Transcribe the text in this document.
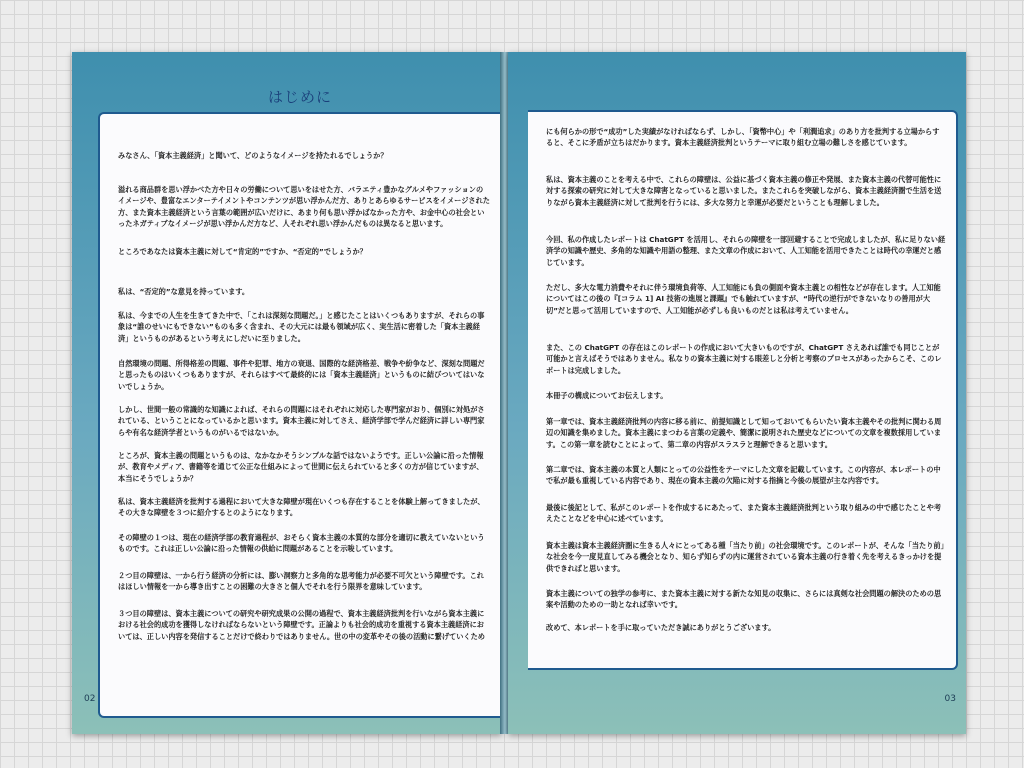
はじめに

みなさん、「資本主義経済」と聞いて、どのようなイメージを持たれるでしょうか？

溢れる商品群を思い浮かべた方や日々の労働について思いをはせた方、バラエティ豊かなグルメやファッションのイメージや、豊富なエンターテイメントやコンテンツが思い浮かんだ方、ありとあらゆるサービスをイメージされた方、また資本主義経済という言葉の範囲が広いだけに、あまり何も思い浮かばなかった方や、お金中心の社会といったネガティブなイメージが思い浮かんだ方など、人それぞれ思い浮かんだものは異なると思います。

ところであなたは資本主義に対して“肯定的”ですか、“否定的”でしょうか？

私は、“否定的”な意見を持っています。

私は、今までの人生を生きてきた中で、「これは深刻な問題だ。」と感じたことはいくつもありますが、それらの事象は“誰のせいにもできない”ものも多く含まれ、その大元には最も領域が広く、実生活に密着した「資本主義経済」というものがあるという考えにしだいに至りました。

自然環境の問題、所得格差の問題、事件や犯罪、地方の衰退、国際的な経済格差、戦争や紛争など、深刻な問題だと思ったものはいくつもありますが、それらはすべて最終的には「資本主義経済」というものに結びついてはいないでしょうか。

しかし、世間一般の常識的な知識によれば、それらの問題にはそれぞれに対応した専門家がおり、個別に対処がされている、ということになっているかと思います。資本主義に対してさえ、経済学部で学んだ経済に詳しい専門家らや有名な経済学者というものがいるではないか。

ところが、資本主義の問題というものは、なかなかそうシンプルな話ではないようです。正しい公論に沿った情報が、教育やメディア、書籍等を通じて公正な仕組みによって世間に伝えられていると多くの方が信じていますが、本当にそうでしょうか？

私は、資本主義経済を批判する過程において大きな障壁が現在いくつも存在することを体験上解ってきましたが、その大きな障壁を３つに紹介するとのようになります。

その障壁の１つは、現在の経済学部の教育過程が、おそらく資本主義の本質的な部分を適切に教えていないというものです。これは正しい公論に沿った情報の供給に問題があることを示唆しています。

２つ目の障壁は、一から行う経済の分析には、膨い洞察力と多角的な思考能力が必要不可欠という障壁です。これはほしい情報を一から導き出すことの困難の大きさと個人でそれを行う限界を意味しています。

３つ目の障壁は、資本主義についての研究や研究成果の公開の過程で、資本主義経済批判を行いながら資本主義における社会的成功を獲得しなければならないという障壁です。正論よりも社会的成功を重視する資本主義経済においては、正しい内容を発信することだけで終わりではありません。世の中の変革やその後の活動に繋げていくため

02

にも何らかの形で“成功”した実績がなければならず、しかし、「資幣中心」や「利潤追求」のあり方を批判する立場からすると、そこに矛盾が立ちはだかります。資本主義経済批判というテーマに取り組む立場の難しさを感じています。

私は、資本主義のことを考える中で、これらの障壁は、公益に基づく資本主義の修正や発展、また資本主義の代替可能性に対する探索の研究に対して大きな障害となっていると思いました。またこれらを突破しながら、資本主義経済圏で生活を送りながら資本主義経済に対して批判を行うには、多大な努力と幸運が必要だということも理解しました。

今回、私の作成したレポートは ChatGPT を活用し、それらの障壁を一部回避することで完成しましたが、私に足りない経済学の知識や歴史、多角的な知識や用語の整理、また文章の作成において、人工知能を活用できたことは時代の幸運だと感じています。

ただし、多大な電力消費やそれに伴う環境負荷等、人工知能にも負の側面や資本主義との相性などが存在します。人工知能についてはこの後の『[コラム 1] AI 技術の進展と課題』でも触れていますが、“時代の逆行ができないなりの善用が大切”だと思って活用していますので、人工知能が必ずしも良いものだとは私は考えていません。

また、この ChatGPT の存在はこのレポートの作成において大きいものですが、ChatGPT さえあれば誰でも同じことが可能かと言えばそうではありません。私なりの資本主義に対する眼差しと分析と考察のプロセスがあったからこそ、このレポートは完成しました。

本冊子の構成についてお伝えします。

第一章では、資本主義経済批判の内容に移る前に、前提知識として知っておいてもらいたい資本主義やその批判に関わる周辺の知識を集めました。資本主義にまつわる言葉の定義や、簡潔に説明された歴史などについての文章を複数採用しています。この第一章を読むことによって、第二章の内容がスラスラと理解できると思います。

第二章では、資本主義の本質と人類にとっての公益性をテーマにした文章を記載しています。この内容が、本レポートの中で私が最も重視している内容であり、現在の資本主義の欠陥に対する指摘と今後の展望が主な内容です。

最後に後記として、私がこのレポートを作成するにあたって、また資本主義経済批判という取り組みの中で感じたことや考えたことなどを中心に述べています。

資本主義は資本主義経済圏に生きる人々にとってある種「当たり前」の社会環境です。このレポートが、そんな「当たり前」な社会を今一度見直してみる機会となり、知らず知らずの内に運営されている資本主義の行き着く先を考えるきっかけを提供できればと思います。

資本主義についての独学の参考に、また資本主義に対する新たな知見の収集に、さらには真剣な社会問題の解決のための思案や活動のための一助となれば幸いです。

改めて、本レポートを手に取っていただき誠にありがとうございます。

03
